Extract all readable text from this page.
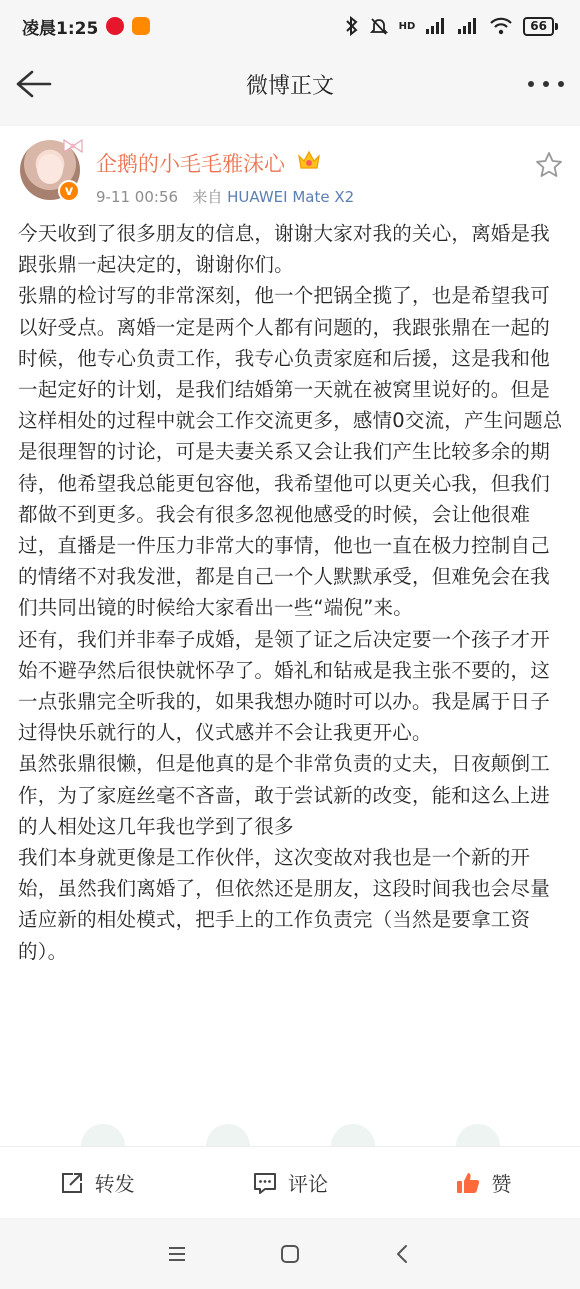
凌晨1:25	HD	66
微博正文
v
企鹅的小毛毛雅沫心
9-11 00:56 来自 HUAWEI Mate X2

今天收到了很多朋友的信息，谢谢大家对我的关心，离婚是我跟张鼎一起决定的，谢谢你们。

张鼎的检讨写的非常深刻，他一个把锅全揽了，也是希望我可以好受点。离婚一定是两个人都有问题的，我跟张鼎在一起的时候，他专心负责工作，我专心负责家庭和后援，这是我和他一起定好的计划，是我们结婚第一天就在被窝里说好的。但是这样相处的过程中就会工作交流更多，感情0交流，产生问题总是很理智的讨论，可是夫妻关系又会让我们产生比较多余的期待，他希望我总能更包容他，我希望他可以更关心我，但我们都做不到更多。我会有很多忽视他感受的时候，会让他很难过，直播是一件压力非常大的事情，他也一直在极力控制自己的情绪不对我发泄，都是自己一个人默默承受，但难免会在我们共同出镜的时候给大家看出一些“端倪”来。

还有，我们并非奉子成婚，是领了证之后决定要一个孩子才开始不避孕然后很快就怀孕了。婚礼和钻戒是我主张不要的，这一点张鼎完全听我的，如果我想办随时可以办。我是属于日子过得快乐就行的人，仪式感并不会让我更开心。

虽然张鼎很懒，但是他真的是个非常负责的丈夫，日夜颠倒工作，为了家庭丝毫不吝啬，敢于尝试新的改变，能和这么上进的人相处这几年我也学到了很多

我们本身就更像是工作伙伴，这次变故对我也是一个新的开始，虽然我们离婚了，但依然还是朋友，这段时间我也会尽量适应新的相处模式，把手上的工作负责完（当然是要拿工资的）。

转发	评论	赞
